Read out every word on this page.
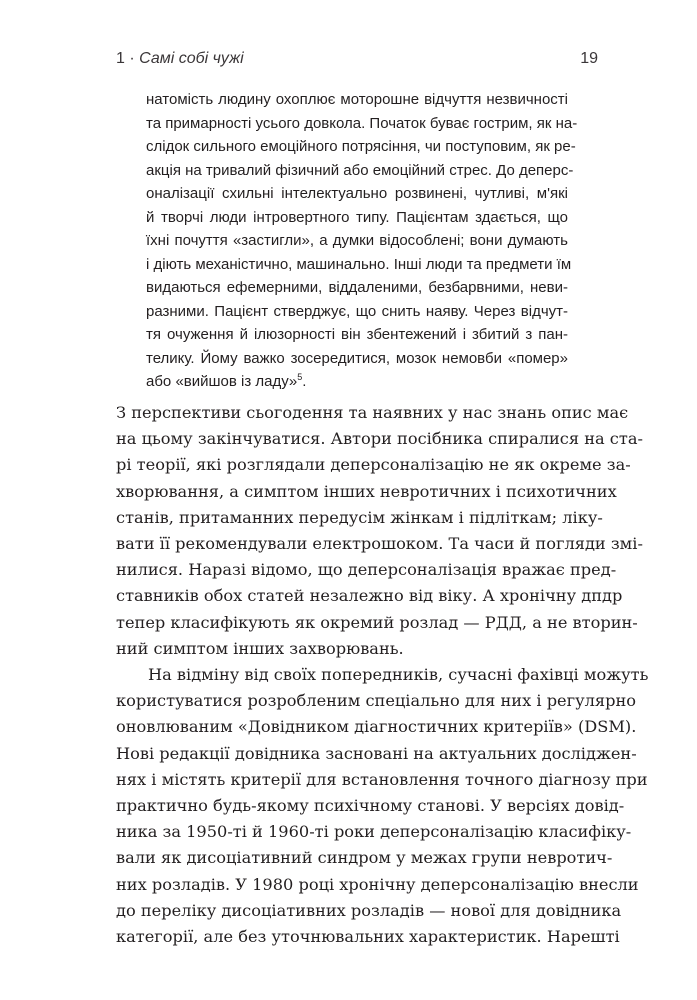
1 · Самі собі чужі	19
натомість людину охоплює моторошне відчуття незвичності
та примарності усього довкола. Початок буває гострим, як на-
слідок сильного емоційного потрясіння, чи поступовим, як ре-
акція на тривалий фізичний або емоційний стрес. До деперс-
оналізації схильні інтелектуально розвинені, чутливі, м'які
й творчі люди інтровертного типу. Пацієнтам здається, що
їхні почуття «застигли», а думки відособлені; вони думають
і діють механістично, машинально. Інші люди та предмети їм
видаються ефемерними, віддаленими, безбарвними, неви-
разними. Пацієнт стверджує, що снить наяву. Через відчут-
тя очуження й ілюзорності він збентежений і збитий з пан-
телику. Йому важко зосередитися, мозок немовби «помер»
або «вийшов із ладу»$^5$.
З перспективи сьогодення та наявних у нас знань опис має
на цьому закінчуватися. Автори посібника спиралися на ста-
рі теорії, які розглядали деперсоналізацію не як окреме за-
хворювання, а симптом інших невротичних і психотичних
станів, притаманних передусім жінкам і підліткам; ліку-
вати її рекомендували електрошоком. Та часи й погляди змі-
нилися. Наразі відомо, що деперсоналізація вражає пред-
ставників обох статей незалежно від віку. А хронічну дпдр
тепер класифікують як окремий розлад — РДД, а не вторин-
ний симптом інших захворювань.
На відміну від своїх попередників, сучасні фахівці можуть
користуватися розробленим спеціально для них і регулярно
оновлюваним «Довідником діагностичних критеріїв» (DSM).
Нові редакції довідника засновані на актуальних досліджен-
нях і містять критерії для встановлення точного діагнозу при
практично будь-якому психічному станові. У версіях довід-
ника за 1950-ті й 1960-ті роки деперсоналізацію класифіку-
вали як дисоціативний синдром у межах групи невротич-
них розладів. У 1980 році хронічну деперсоналізацію внесли
до переліку дисоціативних розладів — нової для довідника
категорії, але без уточнювальних характеристик. Нарешті
